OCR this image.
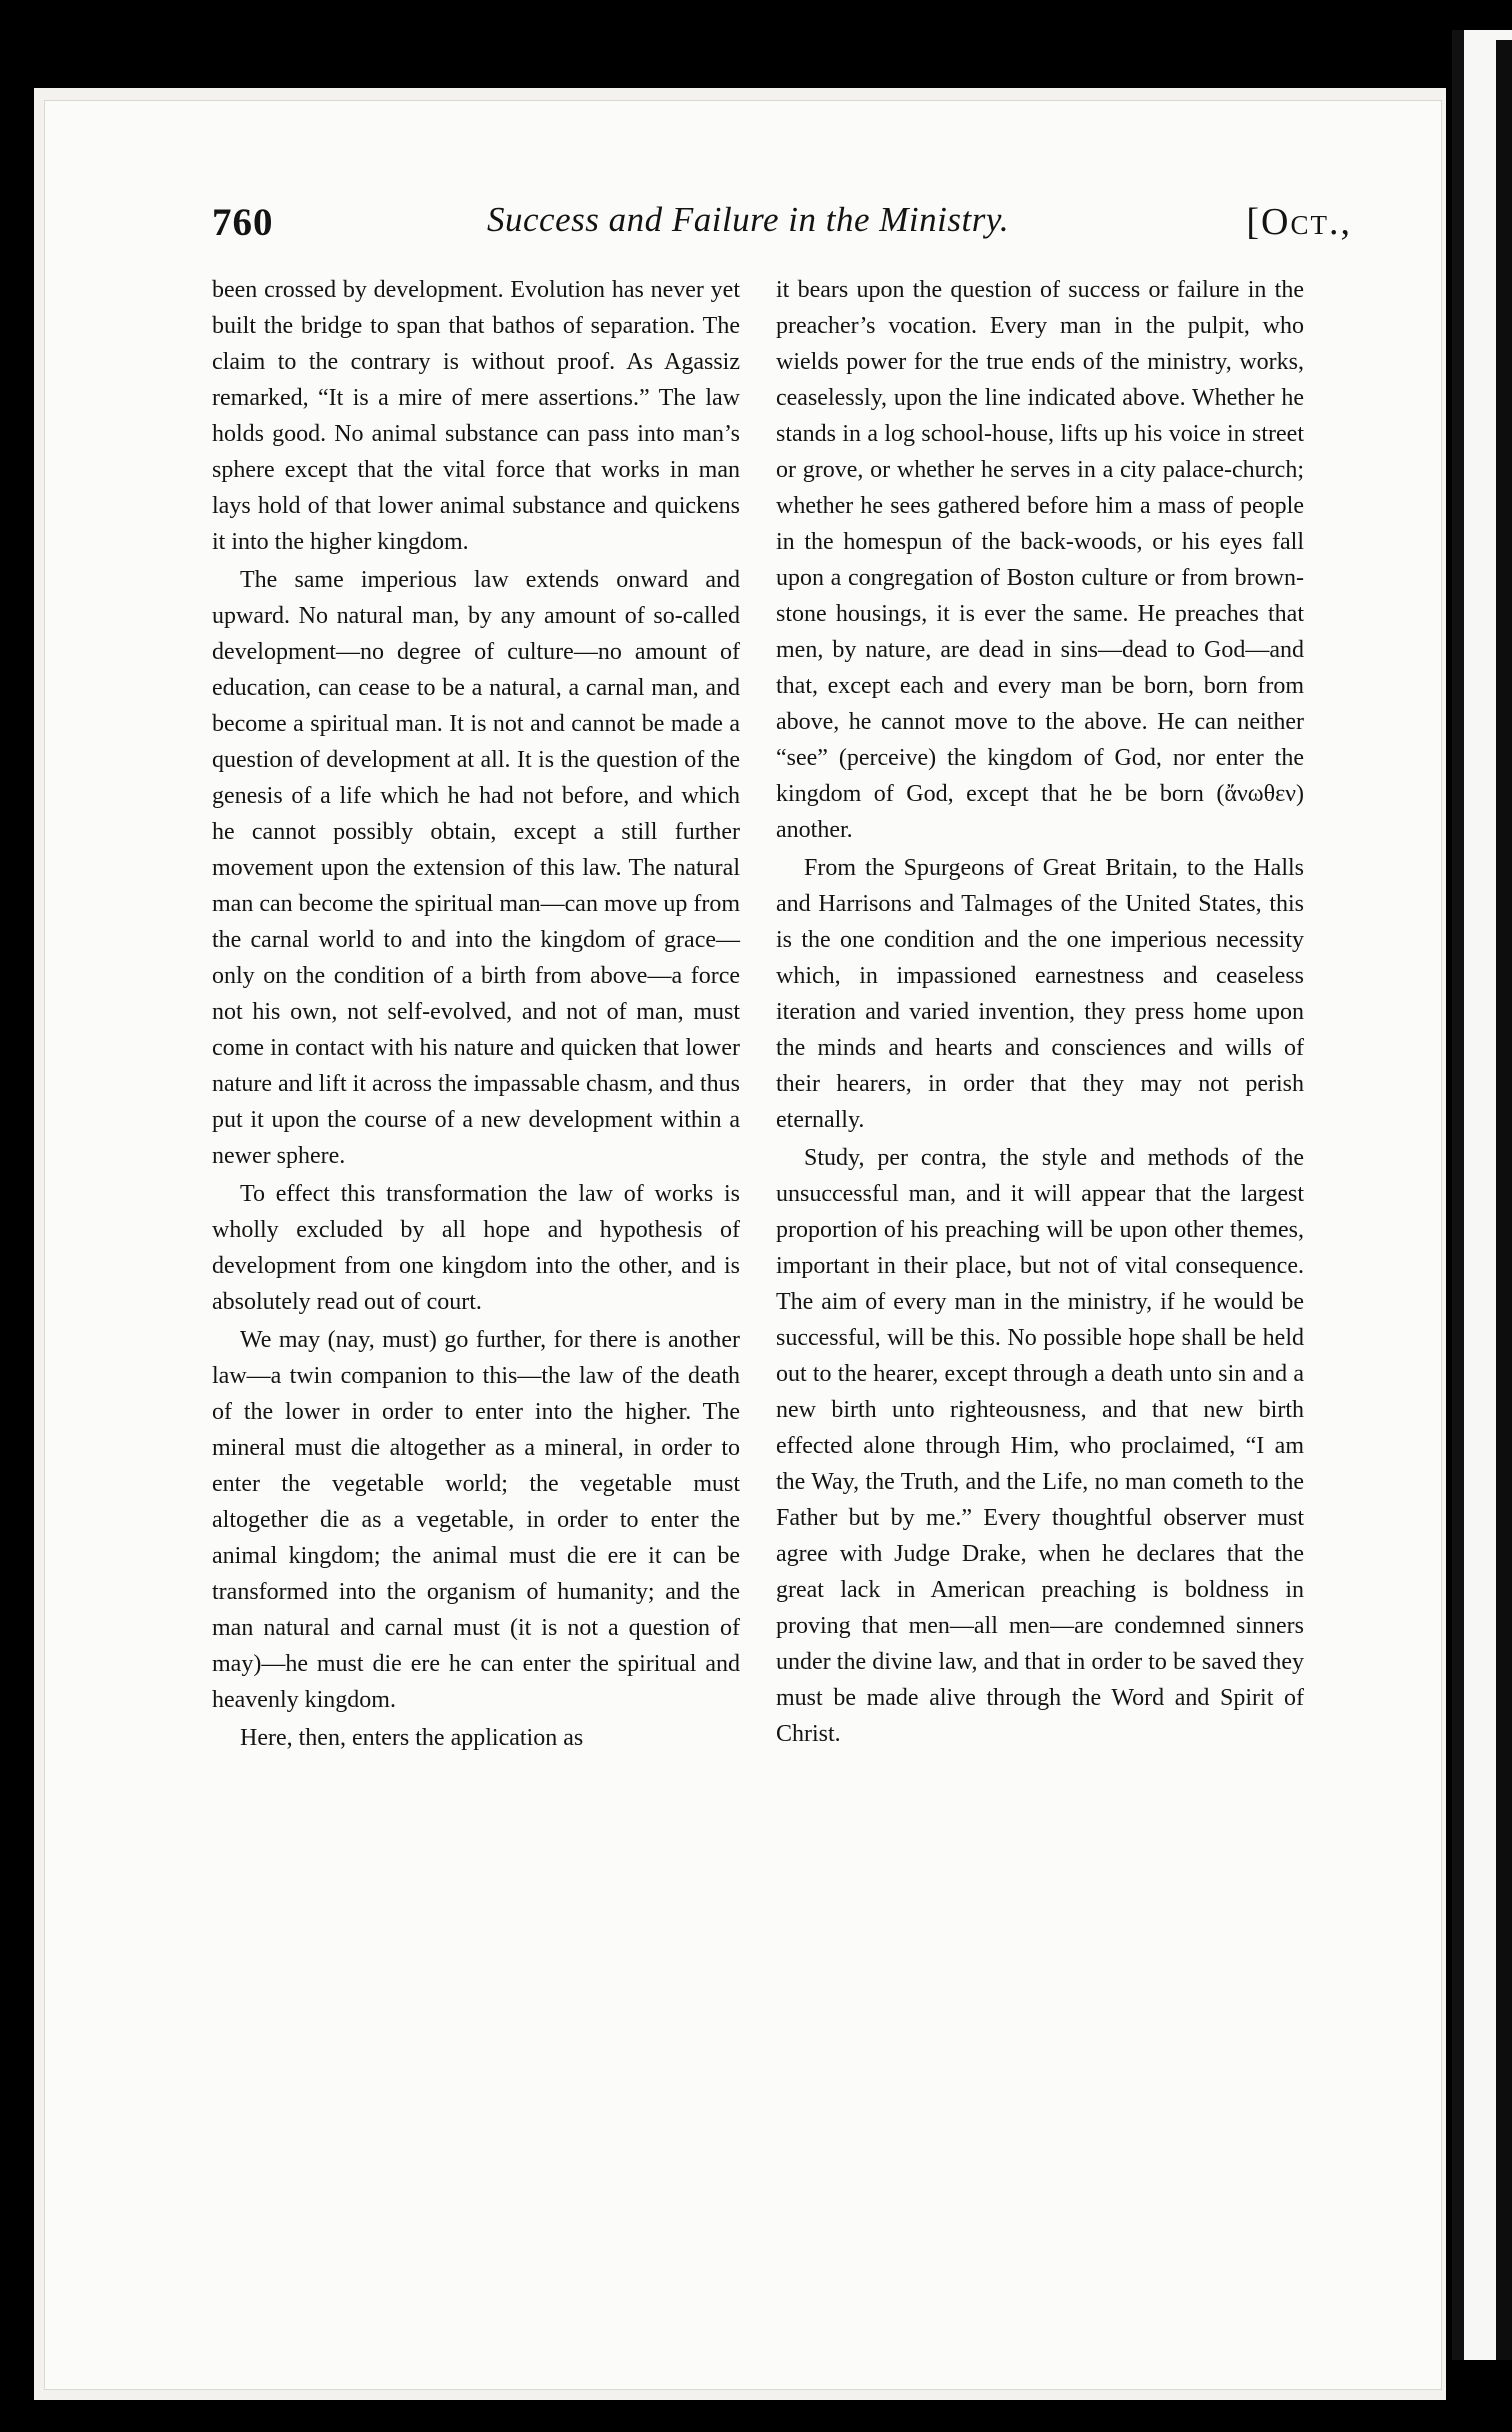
760	Success and Failure in the Ministry.	[Oct.,

been crossed by development. Evolution has never yet built the bridge to span that bathos of separation. The claim to the contrary is without proof. As Agassiz remarked, “It is a mire of mere assertions.” The law holds good. No animal substance can pass into man’s sphere except that the vital force that works in man lays hold of that lower animal substance and quickens it into the higher kingdom.

The same imperious law extends onward and upward. No natural man, by any amount of so-called development—no degree of culture—no amount of education, can cease to be a natural, a carnal man, and become a spiritual man. It is not and cannot be made a question of development at all. It is the question of the genesis of a life which he had not before, and which he cannot possibly obtain, except a still further movement upon the extension of this law. The natural man can become the spiritual man—can move up from the carnal world to and into the kingdom of grace—only on the condition of a birth from above—a force not his own, not self-evolved, and not of man, must come in contact with his nature and quicken that lower nature and lift it across the impassable chasm, and thus put it upon the course of a new development within a newer sphere.

To effect this transformation the law of works is wholly excluded by all hope and hypothesis of development from one kingdom into the other, and is absolutely read out of court.

We may (nay, must) go further, for there is another law—a twin companion to this—the law of the death of the lower in order to enter into the higher. The mineral must die altogether as a mineral, in order to enter the vegetable world; the vegetable must altogether die as a vegetable, in order to enter the animal kingdom; the animal must die ere it can be transformed into the organism of humanity; and the man natural and carnal must (it is not a question of may)—he must die ere he can enter the spiritual and heavenly kingdom.

Here, then, enters the application as

it bears upon the question of success or failure in the preacher’s vocation. Every man in the pulpit, who wields power for the true ends of the ministry, works, ceaselessly, upon the line indicated above. Whether he stands in a log school-house, lifts up his voice in street or grove, or whether he serves in a city palace-church; whether he sees gathered before him a mass of people in the homespun of the back-woods, or his eyes fall upon a congregation of Boston culture or from brown-stone housings, it is ever the same. He preaches that men, by nature, are dead in sins—dead to God—and that, except each and every man be born, born from above, he cannot move to the above. He can neither “see” (perceive) the kingdom of God, nor enter the kingdom of God, except that he be born (ἄνωθεν) another.

From the Spurgeons of Great Britain, to the Halls and Harrisons and Talmages of the United States, this is the one condition and the one imperious necessity which, in impassioned earnestness and ceaseless iteration and varied invention, they press home upon the minds and hearts and consciences and wills of their hearers, in order that they may not perish eternally.

Study, per contra, the style and methods of the unsuccessful man, and it will appear that the largest proportion of his preaching will be upon other themes, important in their place, but not of vital consequence. The aim of every man in the ministry, if he would be successful, will be this. No possible hope shall be held out to the hearer, except through a death unto sin and a new birth unto righteousness, and that new birth effected alone through Him, who proclaimed, “I am the Way, the Truth, and the Life, no man cometh to the Father but by me.” Every thoughtful observer must agree with Judge Drake, when he declares that the great lack in American preaching is boldness in proving that men—all men—are condemned sinners under the divine law, and that in order to be saved they must be made alive through the Word and Spirit of Christ.
